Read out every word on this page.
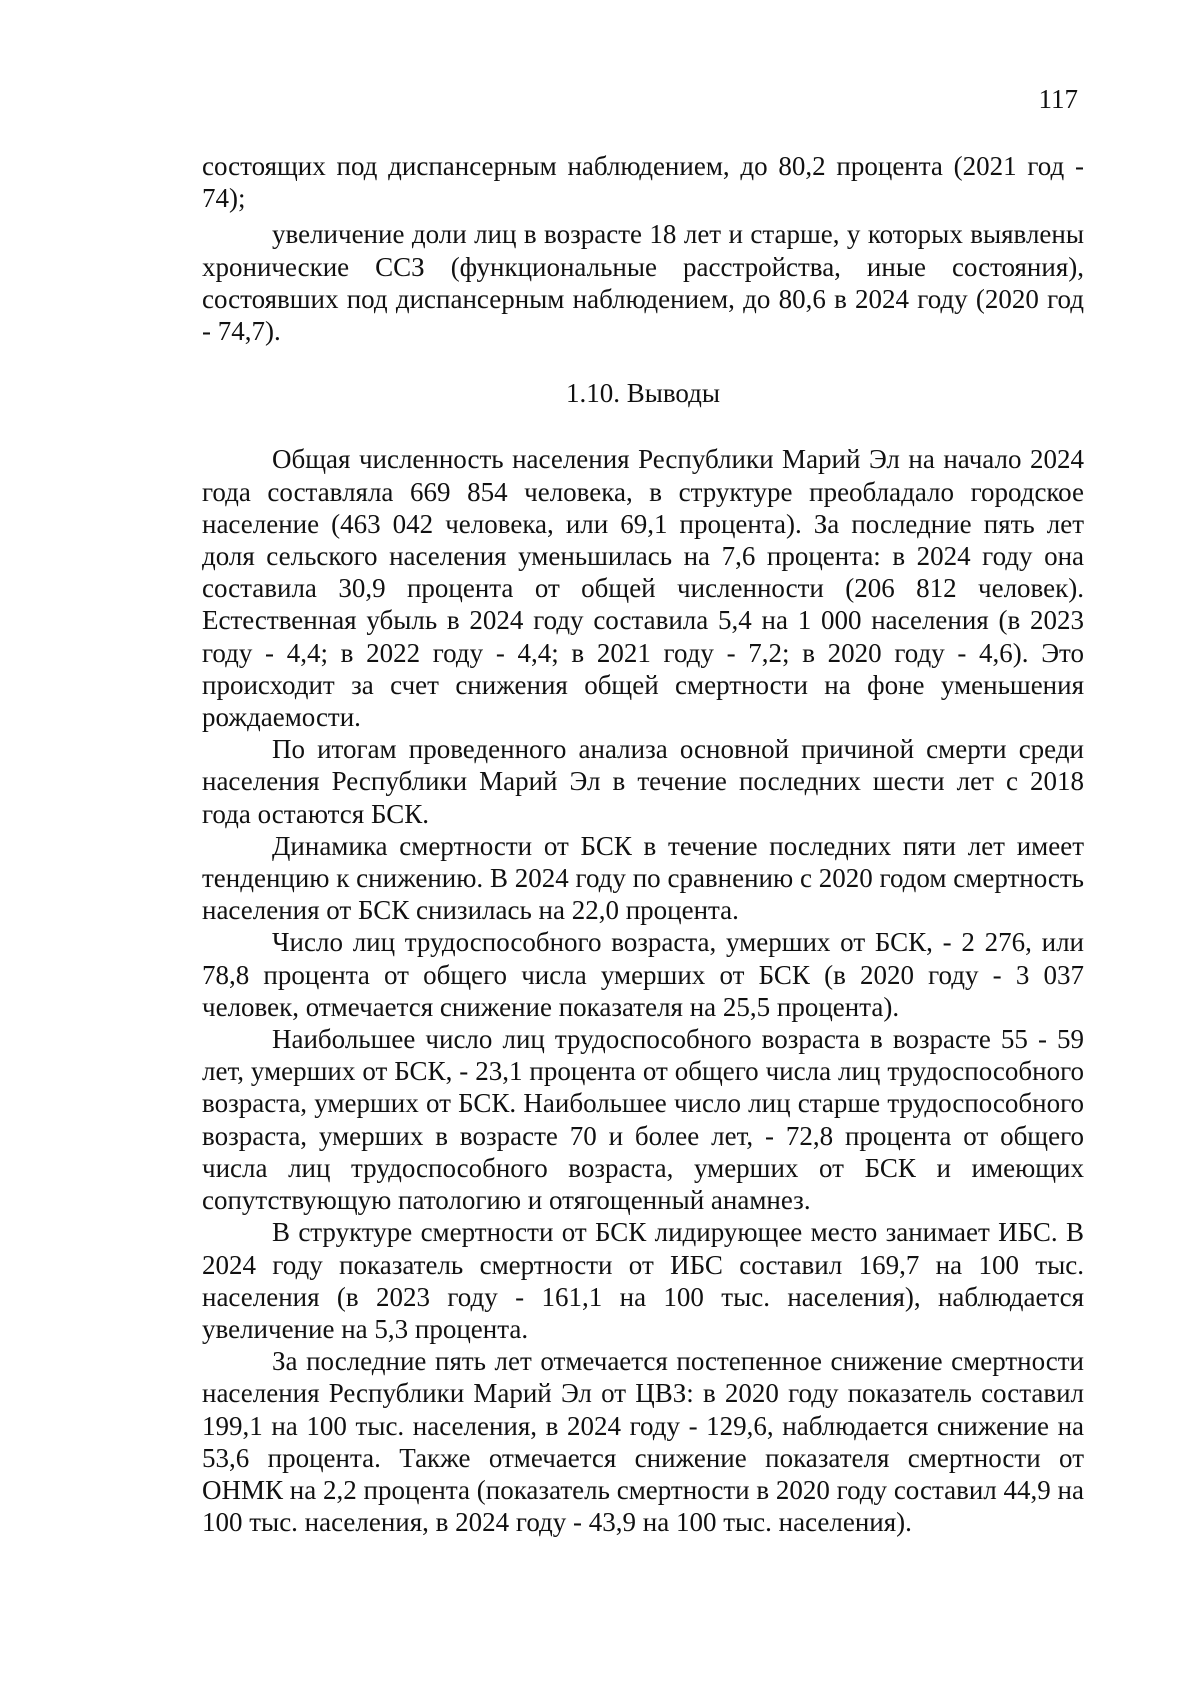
117

состоящих под диспансерным наблюдением, до 80,2 процента (2021 год - 74);

увеличение доли лиц в возрасте 18 лет и старше, у которых выявлены хронические ССЗ (функциональные расстройства, иные состояния), состоявших под диспансерным наблюдением, до 80,6 в 2024 году (2020 год - 74,7).

1.10. Выводы

Общая численность населения Республики Марий Эл на начало 2024 года составляла 669 854 человека, в структуре преобладало городское население (463 042 человека, или 69,1 процента). За последние пять лет доля сельского населения уменьшилась на 7,6 процента: в 2024 году она составила 30,9 процента от общей численности (206 812 человек). Естественная убыль в 2024 году составила 5,4 на 1 000 населения (в 2023 году - 4,4; в 2022 году - 4,4; в 2021 году - 7,2; в 2020 году - 4,6). Это происходит за счет снижения общей смертности на фоне уменьшения рождаемости.

По итогам проведенного анализа основной причиной смерти среди населения Республики Марий Эл в течение последних шести лет с 2018 года остаются БСК.

Динамика смертности от БСК в течение последних пяти лет имеет тенденцию к снижению. В 2024 году по сравнению с 2020 годом смертность населения от БСК снизилась на 22,0 процента.

Число лиц трудоспособного возраста, умерших от БСК, - 2 276, или 78,8 процента от общего числа умерших от БСК (в 2020 году - 3 037 человек, отмечается снижение показателя на 25,5 процента).

Наибольшее число лиц трудоспособного возраста в возрасте 55 - 59 лет, умерших от БСК, - 23,1 процента от общего числа лиц трудоспособного возраста, умерших от БСК. Наибольшее число лиц старше трудоспособного возраста, умерших в возрасте 70 и более лет, - 72,8 процента от общего числа лиц трудоспособного возраста, умерших от БСК и имеющих сопутствующую патологию и отягощенный анамнез.

В структуре смертности от БСК лидирующее место занимает ИБС. В 2024 году показатель смертности от ИБС составил 169,7 на 100 тыс. населения (в 2023 году - 161,1 на 100 тыс. населения), наблюдается увеличение на 5,3 процента.

За последние пять лет отмечается постепенное снижение смертности населения Республики Марий Эл от ЦВЗ: в 2020 году показатель составил 199,1 на 100 тыс. населения, в 2024 году - 129,6, наблюдается снижение на 53,6 процента. Также отмечается снижение показателя смертности от ОНМК на 2,2 процента (показатель смертности в 2020 году составил 44,9 на 100 тыс. населения, в 2024 году - 43,9 на 100 тыс. населения).
